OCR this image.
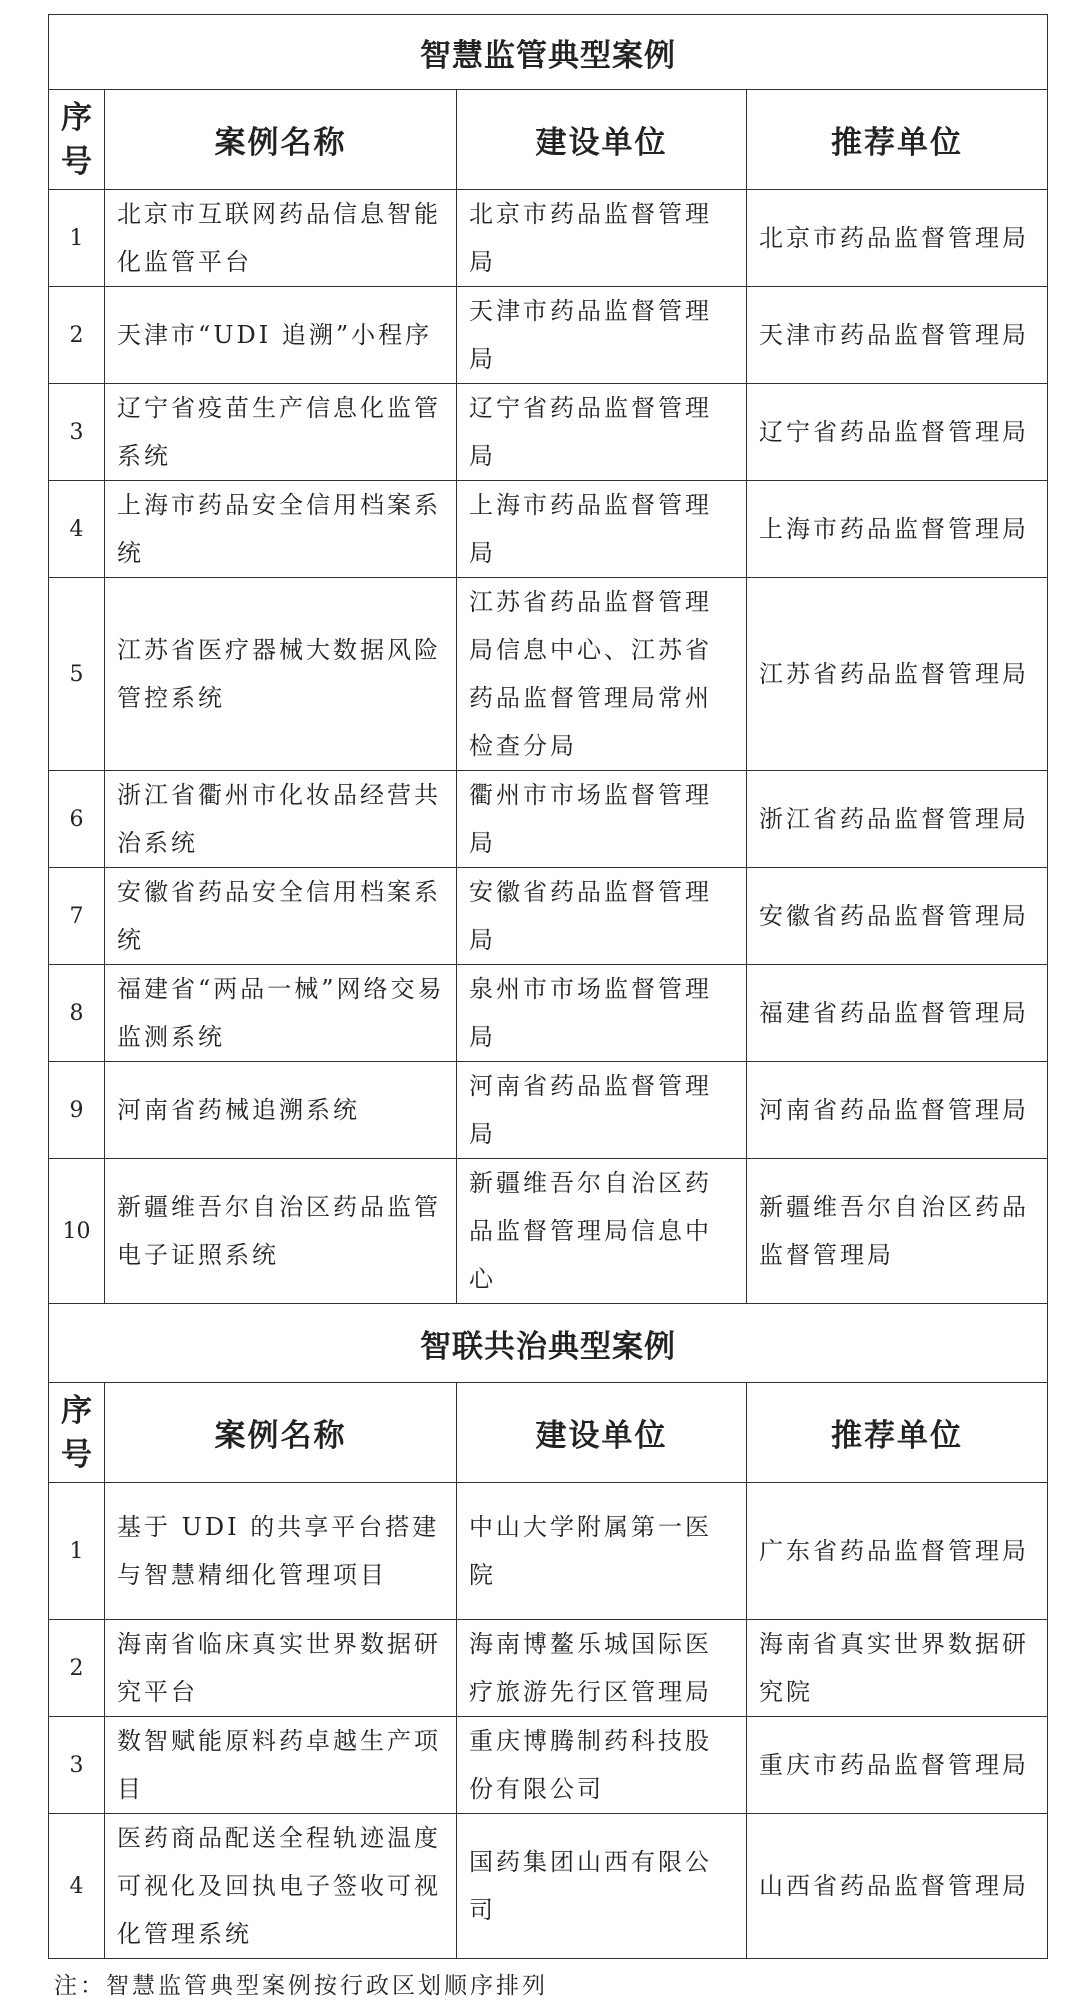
智慧监管典型案例			
序
号	案例名称	建设单位	推荐单位
1	北京市互联网药品信息智能化监管平台	北京市药品监督管理局	北京市药品监督管理局
2	天津市“UDI 追溯”小程序	天津市药品监督管理局	天津市药品监督管理局
3	辽宁省疫苗生产信息化监管系统	辽宁省药品监督管理局	辽宁省药品监督管理局
4	上海市药品安全信用档案系统	上海市药品监督管理局	上海市药品监督管理局
5	江苏省医疗器械大数据风险管控系统	江苏省药品监督管理局信息中心、江苏省药品监督管理局常州检查分局	江苏省药品监督管理局
6	浙江省衢州市化妆品经营共治系统	衢州市市场监督管理局	浙江省药品监督管理局
7	安徽省药品安全信用档案系统	安徽省药品监督管理局	安徽省药品监督管理局
8	福建省“两品一械”网络交易监测系统	泉州市市场监督管理局	福建省药品监督管理局
9	河南省药械追溯系统	河南省药品监督管理局	河南省药品监督管理局
10	新疆维吾尔自治区药品监管电子证照系统	新疆维吾尔自治区药品监督管理局信息中心	新疆维吾尔自治区药品监督管理局
智联共治典型案例			
序
号	案例名称	建设单位	推荐单位
1	基于 UDI 的共享平台搭建与智慧精细化管理项目	中山大学附属第一医院	广东省药品监督管理局
2	海南省临床真实世界数据研究平台	海南博鳌乐城国际医疗旅游先行区管理局	海南省真实世界数据研究院
3	数智赋能原料药卓越生产项目	重庆博腾制药科技股份有限公司	重庆市药品监督管理局
4	医药商品配送全程轨迹温度可视化及回执电子签收可视化管理系统	国药集团山西有限公司	山西省药品监督管理局
注：智慧监管典型案例按行政区划顺序排列
